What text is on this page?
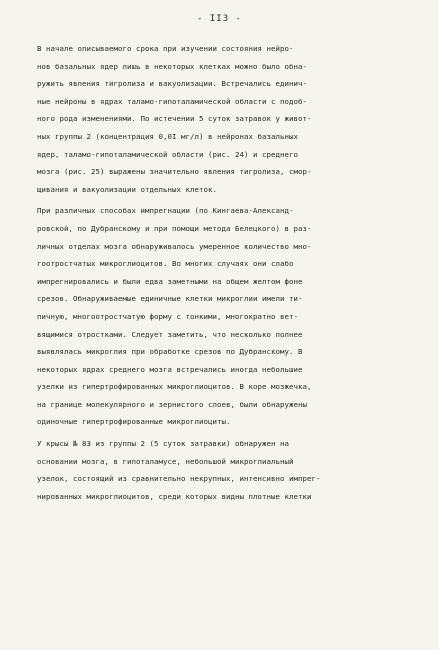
- II3 -
В начале описываемого срока при изучении состояния нейро-
нов базальных ядер лишь в некоторых клетках можно было обна-
ружить явления тигролиза и вакуолизации. Встречались единич-
ные нейроны в ядрах таламо-гипоталамической области с подоб-
ного рода изменениями. По истечении 5 суток затравок у живот-
ных группы 2 (концентрация 0,0I мг/л) в нейронах базальных
ядер, таламо-гипоталамической области (рис. 24) и среднего
мозга (рис. 25) выражены значительно явления тигролиза, смор-
щивания и вакуолизации отдельных клеток.
При различных способах импрегнации (по Кингаева-Александ-
ровской, по Дубранскому и при помощи метода Белецкого) в раз-
личных отделах мозга обнаруживалось умеренное количество мно-
гоотростчатых микроглиоцитов. Во многих случаях они слабо
импрегнировались и были едва заметными на общем желтом фоне
срезов. Обнаруживаемые единичные клетки микроглии имели ти-
пичную, многоотростчатую форму с тонкими, многократно вет-
вящимися отростками. Следует заметить, что несколько полнее
выявлялась микроглия при обработке срезов по Дубранскому. В
некоторых ядрах среднего мозга встречались иногда небольшие
узелки из гипертрофированных микроглиоцитов. В коре мозжечка,
на границе молекулярного и зернистого слоев, были обнаружены
одиночные гипертрофированные микроглиоциты.
У крысы № 83 из группы 2 (5 суток затравки) обнаружен на
основании мозга, в гипоталамусе, небольшой микроглиальный
узелок, состоящий из сравнительно некрупных, интенсивно импрег-
нированных микроглиоцитов, среди которых видны плотные клетки
